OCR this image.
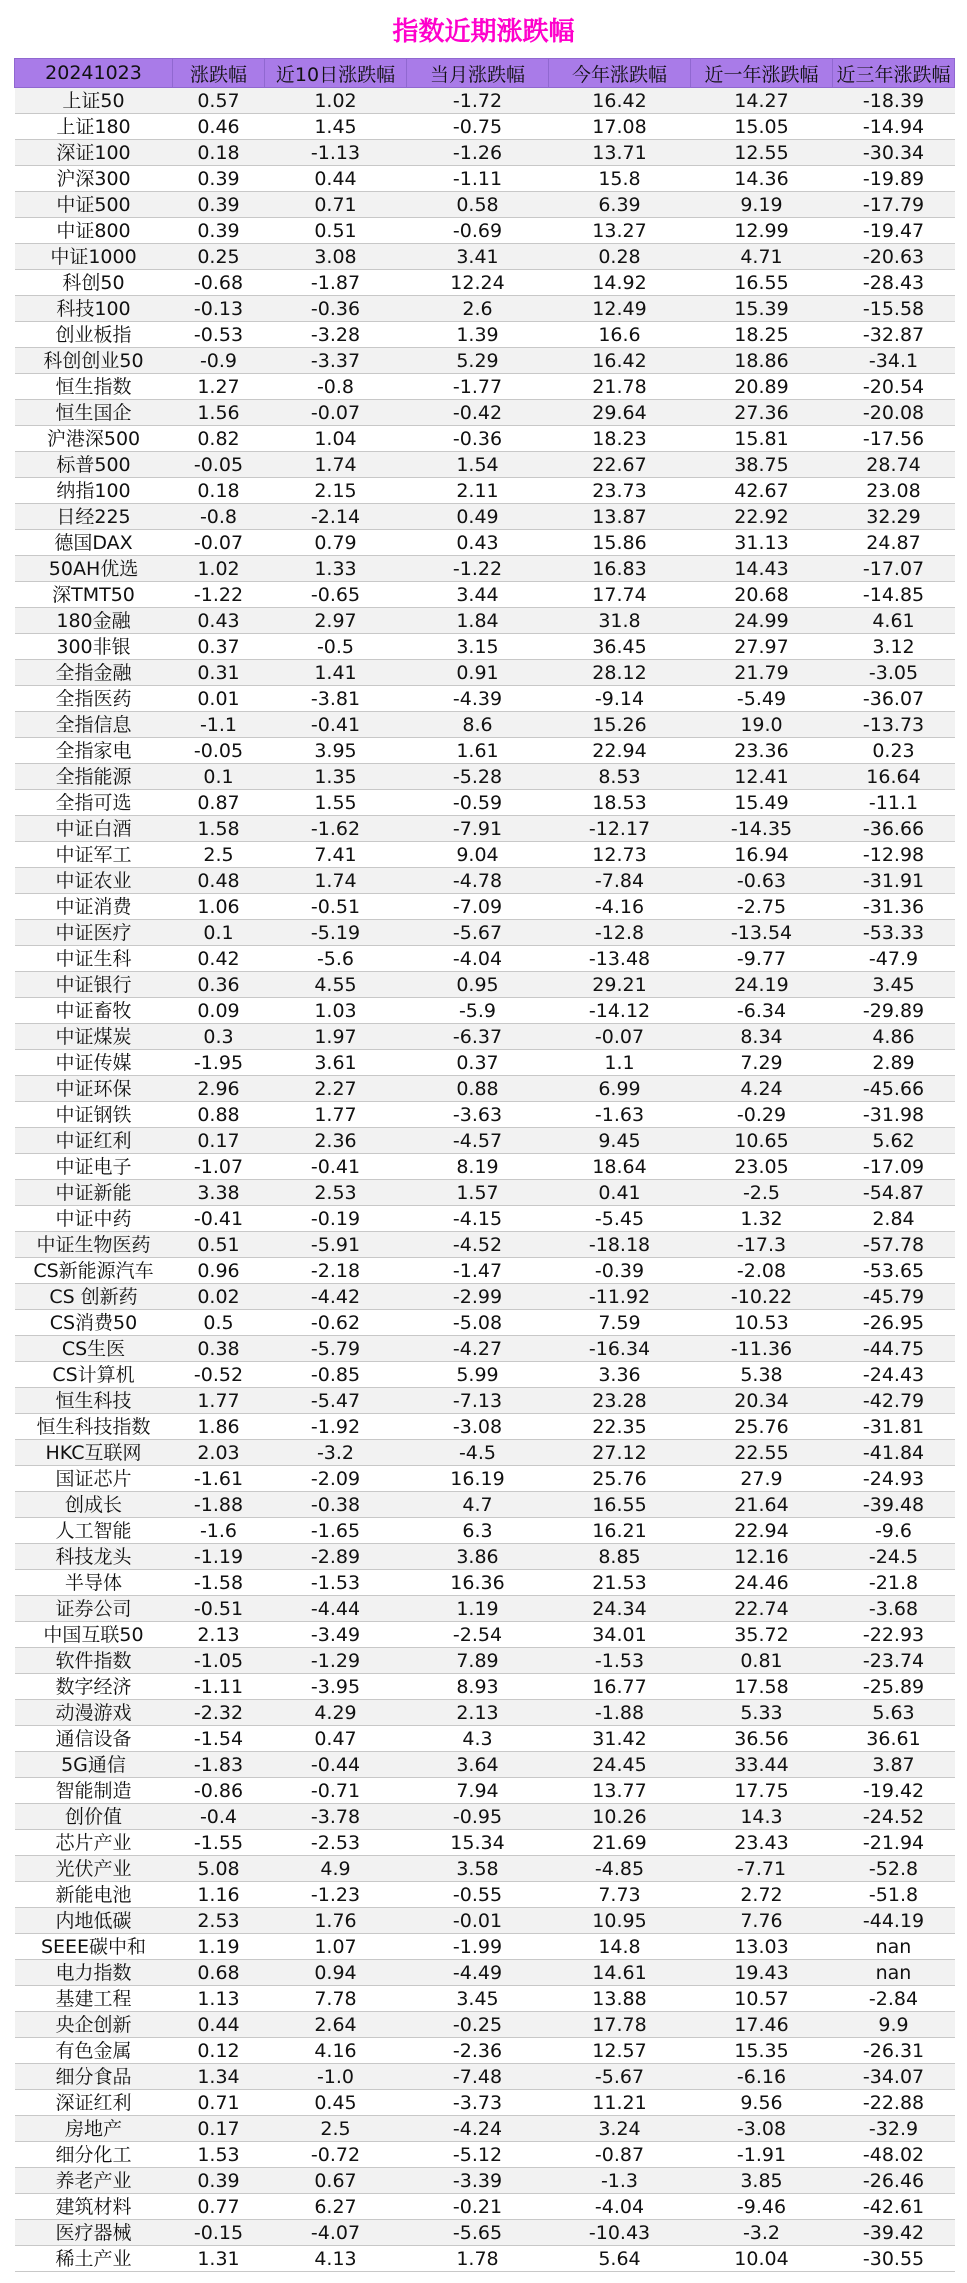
指数近期涨跌幅
20241023	涨跌幅	近10日涨跌幅	当月涨跌幅	今年涨跌幅	近一年涨跌幅	近三年涨跌幅
上证50	0.57	1.02	-1.72	16.42	14.27	-18.39
上证180	0.46	1.45	-0.75	17.08	15.05	-14.94
深证100	0.18	-1.13	-1.26	13.71	12.55	-30.34
沪深300	0.39	0.44	-1.11	15.8	14.36	-19.89
中证500	0.39	0.71	0.58	6.39	9.19	-17.79
中证800	0.39	0.51	-0.69	13.27	12.99	-19.47
中证1000	0.25	3.08	3.41	0.28	4.71	-20.63
科创50	-0.68	-1.87	12.24	14.92	16.55	-28.43
科技100	-0.13	-0.36	2.6	12.49	15.39	-15.58
创业板指	-0.53	-3.28	1.39	16.6	18.25	-32.87
科创创业50	-0.9	-3.37	5.29	16.42	18.86	-34.1
恒生指数	1.27	-0.8	-1.77	21.78	20.89	-20.54
恒生国企	1.56	-0.07	-0.42	29.64	27.36	-20.08
沪港深500	0.82	1.04	-0.36	18.23	15.81	-17.56
标普500	-0.05	1.74	1.54	22.67	38.75	28.74
纳指100	0.18	2.15	2.11	23.73	42.67	23.08
日经225	-0.8	-2.14	0.49	13.87	22.92	32.29
德国DAX	-0.07	0.79	0.43	15.86	31.13	24.87
50AH优选	1.02	1.33	-1.22	16.83	14.43	-17.07
深TMT50	-1.22	-0.65	3.44	17.74	20.68	-14.85
180金融	0.43	2.97	1.84	31.8	24.99	4.61
300非银	0.37	-0.5	3.15	36.45	27.97	3.12
全指金融	0.31	1.41	0.91	28.12	21.79	-3.05
全指医药	0.01	-3.81	-4.39	-9.14	-5.49	-36.07
全指信息	-1.1	-0.41	8.6	15.26	19.0	-13.73
全指家电	-0.05	3.95	1.61	22.94	23.36	0.23
全指能源	0.1	1.35	-5.28	8.53	12.41	16.64
全指可选	0.87	1.55	-0.59	18.53	15.49	-11.1
中证白酒	1.58	-1.62	-7.91	-12.17	-14.35	-36.66
中证军工	2.5	7.41	9.04	12.73	16.94	-12.98
中证农业	0.48	1.74	-4.78	-7.84	-0.63	-31.91
中证消费	1.06	-0.51	-7.09	-4.16	-2.75	-31.36
中证医疗	0.1	-5.19	-5.67	-12.8	-13.54	-53.33
中证生科	0.42	-5.6	-4.04	-13.48	-9.77	-47.9
中证银行	0.36	4.55	0.95	29.21	24.19	3.45
中证畜牧	0.09	1.03	-5.9	-14.12	-6.34	-29.89
中证煤炭	0.3	1.97	-6.37	-0.07	8.34	4.86
中证传媒	-1.95	3.61	0.37	1.1	7.29	2.89
中证环保	2.96	2.27	0.88	6.99	4.24	-45.66
中证钢铁	0.88	1.77	-3.63	-1.63	-0.29	-31.98
中证红利	0.17	2.36	-4.57	9.45	10.65	5.62
中证电子	-1.07	-0.41	8.19	18.64	23.05	-17.09
中证新能	3.38	2.53	1.57	0.41	-2.5	-54.87
中证中药	-0.41	-0.19	-4.15	-5.45	1.32	2.84
中证生物医药	0.51	-5.91	-4.52	-18.18	-17.3	-57.78
CS新能源汽车	0.96	-2.18	-1.47	-0.39	-2.08	-53.65
CS 创新药	0.02	-4.42	-2.99	-11.92	-10.22	-45.79
CS消费50	0.5	-0.62	-5.08	7.59	10.53	-26.95
CS生医	0.38	-5.79	-4.27	-16.34	-11.36	-44.75
CS计算机	-0.52	-0.85	5.99	3.36	5.38	-24.43
恒生科技	1.77	-5.47	-7.13	23.28	20.34	-42.79
恒生科技指数	1.86	-1.92	-3.08	22.35	25.76	-31.81
HKC互联网	2.03	-3.2	-4.5	27.12	22.55	-41.84
国证芯片	-1.61	-2.09	16.19	25.76	27.9	-24.93
创成长	-1.88	-0.38	4.7	16.55	21.64	-39.48
人工智能	-1.6	-1.65	6.3	16.21	22.94	-9.6
科技龙头	-1.19	-2.89	3.86	8.85	12.16	-24.5
半导体	-1.58	-1.53	16.36	21.53	24.46	-21.8
证券公司	-0.51	-4.44	1.19	24.34	22.74	-3.68
中国互联50	2.13	-3.49	-2.54	34.01	35.72	-22.93
软件指数	-1.05	-1.29	7.89	-1.53	0.81	-23.74
数字经济	-1.11	-3.95	8.93	16.77	17.58	-25.89
动漫游戏	-2.32	4.29	2.13	-1.88	5.33	5.63
通信设备	-1.54	0.47	4.3	31.42	36.56	36.61
5G通信	-1.83	-0.44	3.64	24.45	33.44	3.87
智能制造	-0.86	-0.71	7.94	13.77	17.75	-19.42
创价值	-0.4	-3.78	-0.95	10.26	14.3	-24.52
芯片产业	-1.55	-2.53	15.34	21.69	23.43	-21.94
光伏产业	5.08	4.9	3.58	-4.85	-7.71	-52.8
新能电池	1.16	-1.23	-0.55	7.73	2.72	-51.8
内地低碳	2.53	1.76	-0.01	10.95	7.76	-44.19
SEEE碳中和	1.19	1.07	-1.99	14.8	13.03	nan
电力指数	0.68	0.94	-4.49	14.61	19.43	nan
基建工程	1.13	7.78	3.45	13.88	10.57	-2.84
央企创新	0.44	2.64	-0.25	17.78	17.46	9.9
有色金属	0.12	4.16	-2.36	12.57	15.35	-26.31
细分食品	1.34	-1.0	-7.48	-5.67	-6.16	-34.07
深证红利	0.71	0.45	-3.73	11.21	9.56	-22.88
房地产	0.17	2.5	-4.24	3.24	-3.08	-32.9
细分化工	1.53	-0.72	-5.12	-0.87	-1.91	-48.02
养老产业	0.39	0.67	-3.39	-1.3	3.85	-26.46
建筑材料	0.77	6.27	-0.21	-4.04	-9.46	-42.61
医疗器械	-0.15	-4.07	-5.65	-10.43	-3.2	-39.42
稀土产业	1.31	4.13	1.78	5.64	10.04	-30.55
